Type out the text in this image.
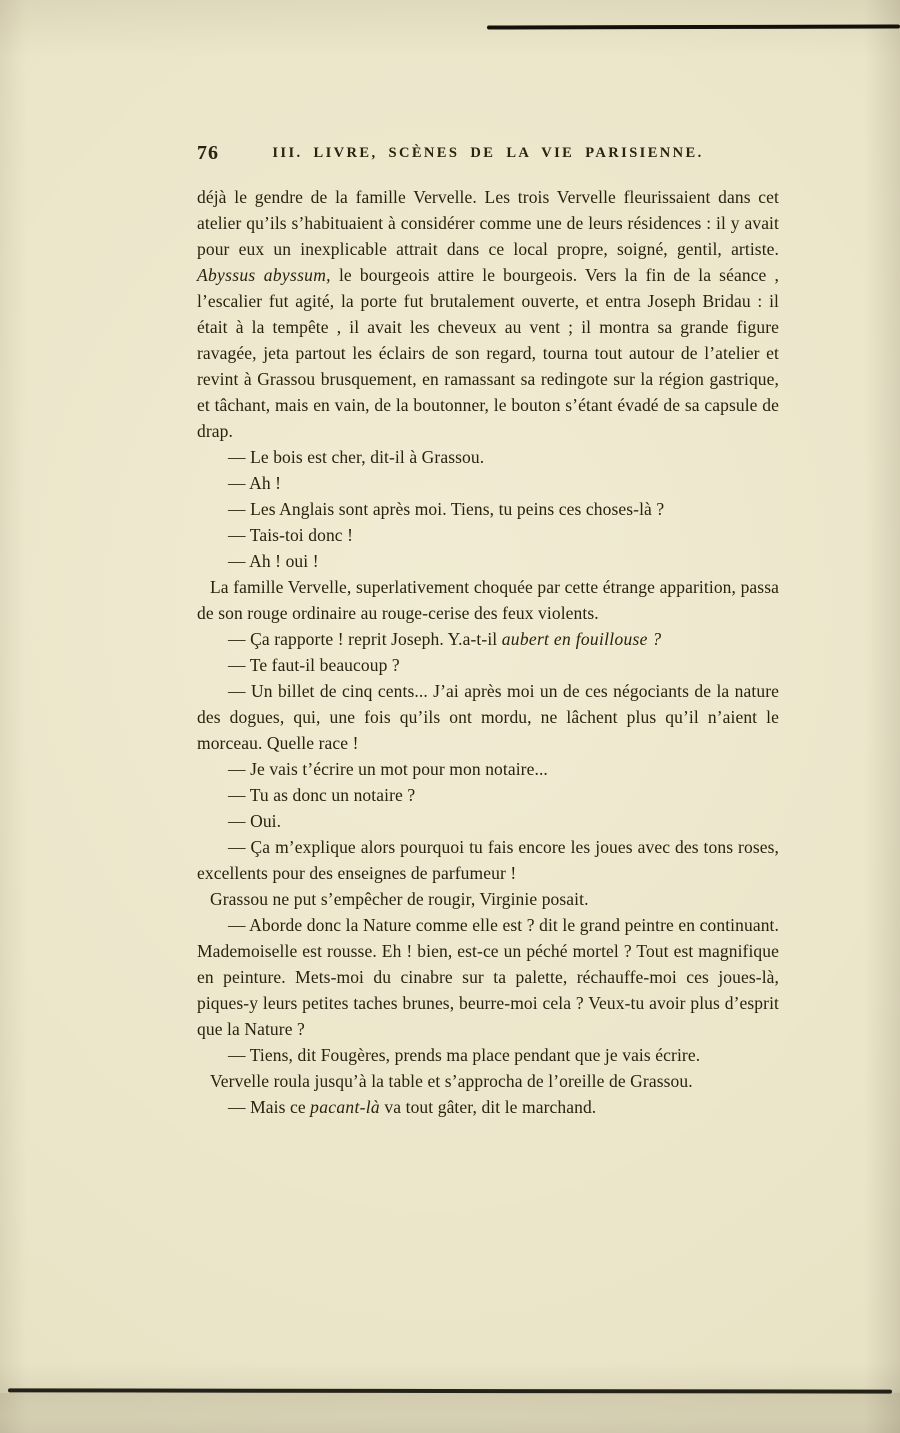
76	III. LIVRE, SCÈNES DE LA VIE PARISIENNE.

déjà le gendre de la famille Vervelle. Les trois Vervelle fleurissaient dans cet atelier qu’ils s’habituaient à considérer comme une de leurs résidences : il y avait pour eux un inexplicable attrait dans ce local propre, soigné, gentil, artiste. Abyssus abyssum, le bourgeois attire le bourgeois. Vers la fin de la séance , l’escalier fut agité, la porte fut brutalement ouverte, et entra Joseph Bridau : il était à la tempête , il avait les cheveux au vent ; il montra sa grande figure ravagée, jeta partout les éclairs de son regard, tourna tout autour de l’atelier et revint à Grassou brusquement, en ramassant sa redingote sur la région gastrique, et tâchant, mais en vain, de la boutonner, le bouton s’étant évadé de sa capsule de drap.

— Le bois est cher, dit-il à Grassou.

— Ah !

— Les Anglais sont après moi. Tiens, tu peins ces choses-là ?

— Tais-toi donc !

— Ah ! oui !

La famille Vervelle, superlativement choquée par cette étrange apparition, passa de son rouge ordinaire au rouge-cerise des feux violents.

— Ça rapporte ! reprit Joseph. Y.a-t-il aubert en fouillouse ?

— Te faut-il beaucoup ?

— Un billet de cinq cents... J’ai après moi un de ces négociants de la nature des dogues, qui, une fois qu’ils ont mordu, ne lâchent plus qu’il n’aient le morceau. Quelle race !

— Je vais t’écrire un mot pour mon notaire...

— Tu as donc un notaire ?

— Oui.

— Ça m’explique alors pourquoi tu fais encore les joues avec des tons roses, excellents pour des enseignes de parfumeur !

Grassou ne put s’empêcher de rougir, Virginie posait.

— Aborde donc la Nature comme elle est ? dit le grand peintre en continuant. Mademoiselle est rousse. Eh ! bien, est-ce un péché mortel ? Tout est magnifique en peinture. Mets-moi du cinabre sur ta palette, réchauffe-moi ces joues-là, piques-y leurs petites taches brunes, beurre-moi cela ? Veux-tu avoir plus d’esprit que la Nature ?

— Tiens, dit Fougères, prends ma place pendant que je vais écrire.

Vervelle roula jusqu’à la table et s’approcha de l’oreille de Grassou.

— Mais ce pacant-là va tout gâter, dit le marchand.
